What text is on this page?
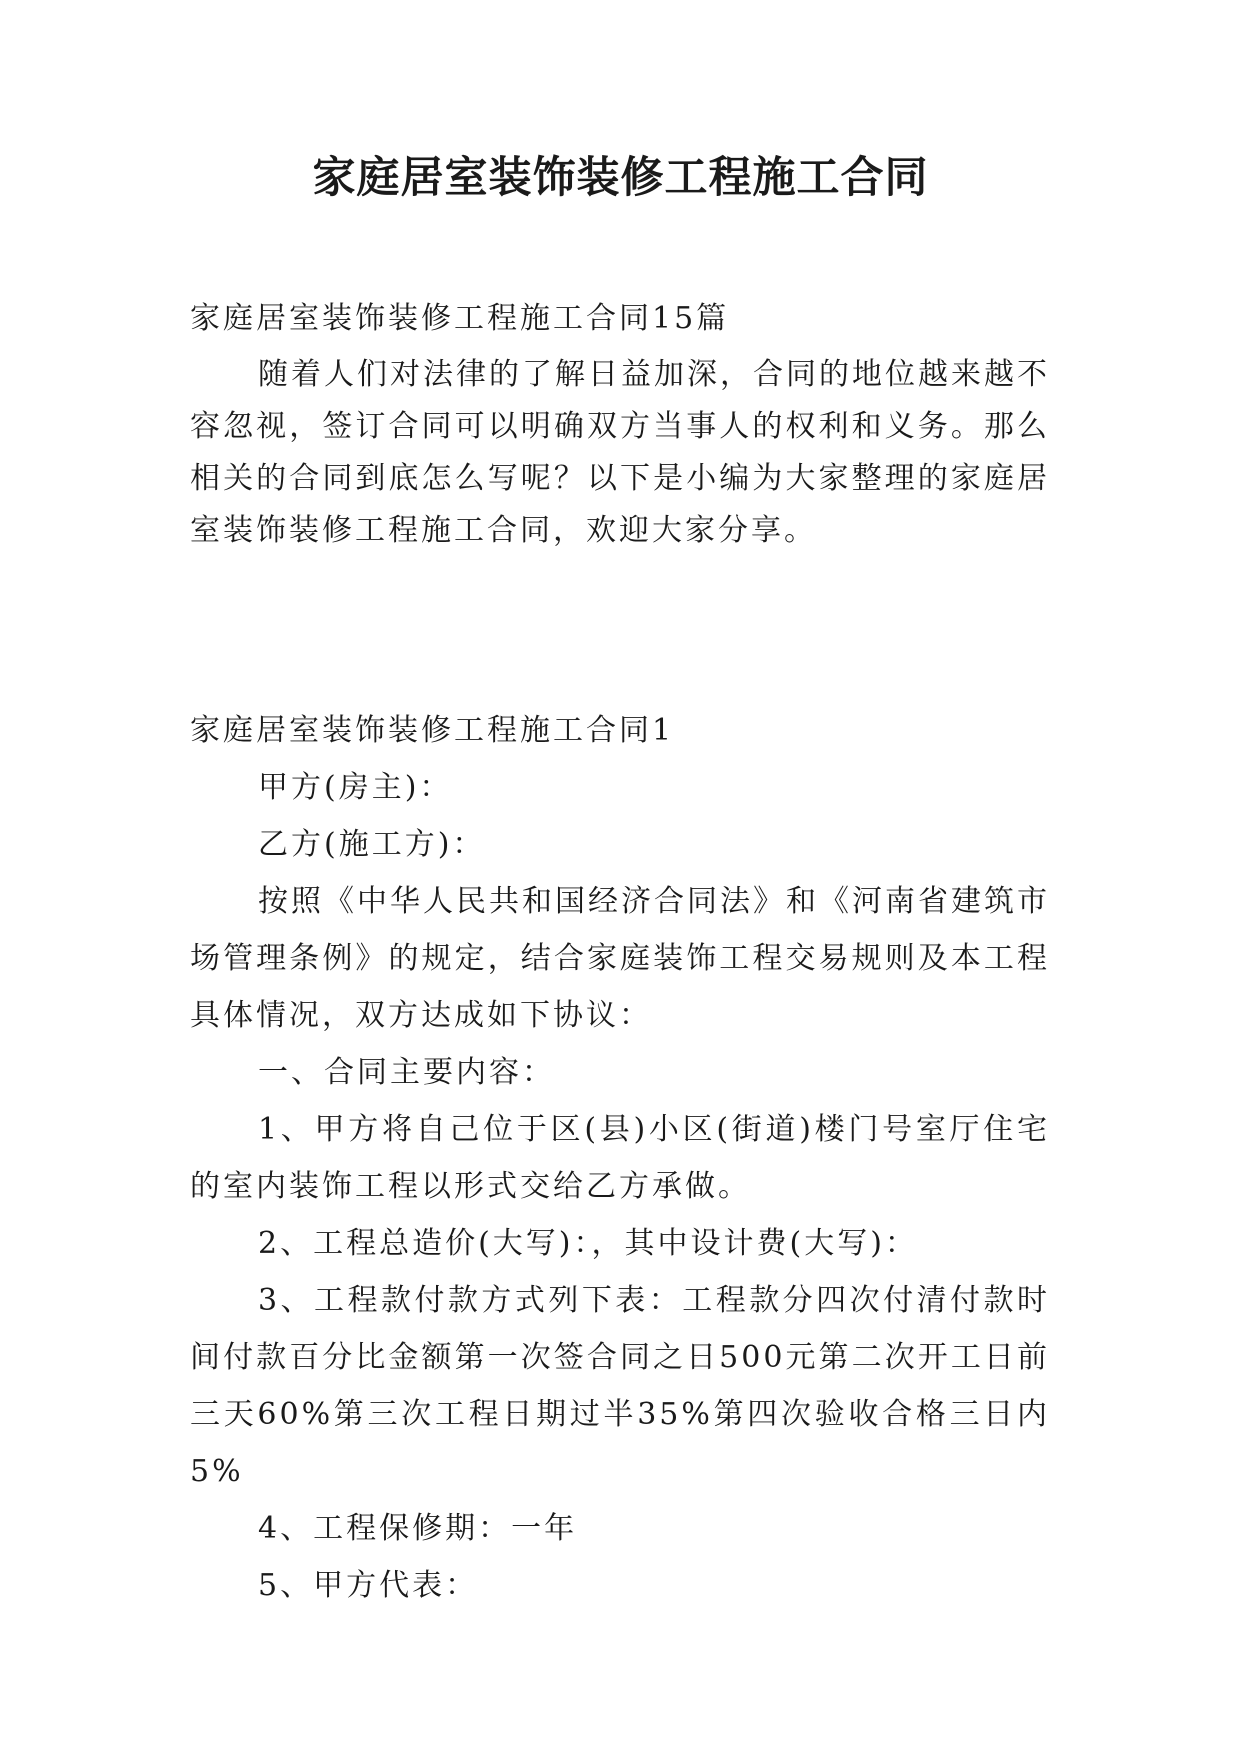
家庭居室装饰装修工程施工合同

家庭居室装饰装修工程施工合同15篇

随着人们对法律的了解日益加深，合同的地位越来越不容忽视，签订合同可以明确双方当事人的权利和义务。那么相关的合同到底怎么写呢？以下是小编为大家整理的家庭居室装饰装修工程施工合同，欢迎大家分享。

家庭居室装饰装修工程施工合同1

甲方(房主)：

乙方(施工方)：

按照《中华人民共和国经济合同法》和《河南省建筑市场管理条例》的规定，结合家庭装饰工程交易规则及本工程具体情况，双方达成如下协议：

一、合同主要内容：

1、甲方将自己位于区(县)小区(街道)楼门号室厅住宅的室内装饰工程以形式交给乙方承做。

2、工程总造价(大写)：，其中设计费(大写)：

3、工程款付款方式列下表：工程款分四次付清付款时间付款百分比金额第一次签合同之日500元第二次开工日前三天60%第三次工程日期过半35%第四次验收合格三日内5%

4、工程保修期：一年

5、甲方代表：
